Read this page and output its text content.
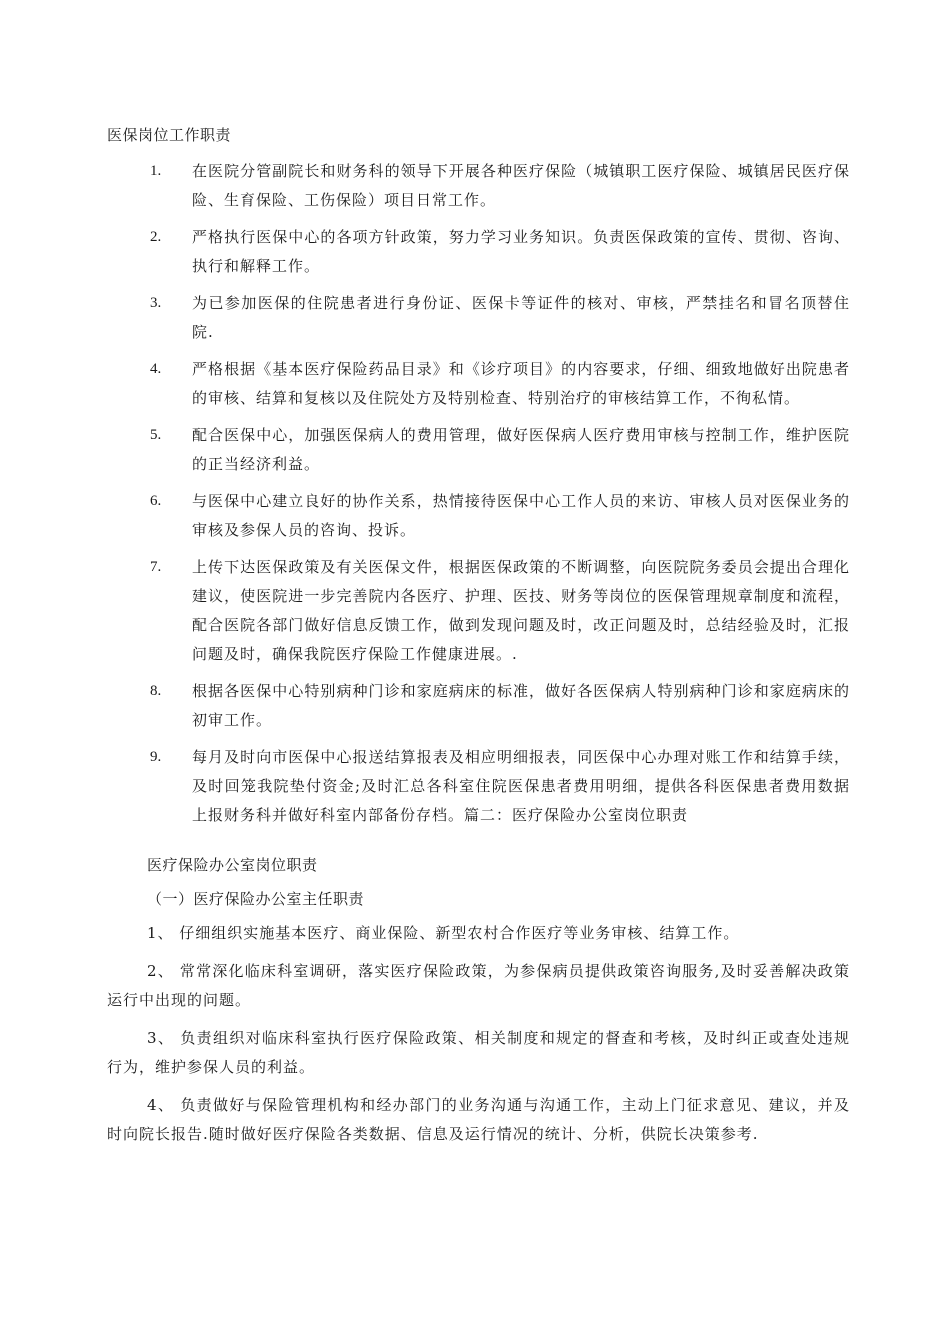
医保岗位工作职责
1.	在医院分管副院长和财务科的领导下开展各种医疗保险（城镇职工医疗保险、城镇居民医疗保险、生育保险、工伤保险）项目日常工作。
2.	严格执行医保中心的各项方针政策，努力学习业务知识。负责医保政策的宣传、贯彻、咨询、执行和解释工作。
3.	为已参加医保的住院患者进行身份证、医保卡等证件的核对、审核，严禁挂名和冒名顶替住院.
4.	严格根据《基本医疗保险药品目录》和《诊疗项目》的内容要求，仔细、细致地做好出院患者的审核、结算和复核以及住院处方及特别检查、特别治疗的审核结算工作，不徇私情。
5.	配合医保中心，加强医保病人的费用管理，做好医保病人医疗费用审核与控制工作，维护医院的正当经济利益。
6.	与医保中心建立良好的协作关系，热情接待医保中心工作人员的来访、审核人员对医保业务的审核及参保人员的咨询、投诉。
7.	上传下达医保政策及有关医保文件，根据医保政策的不断调整，向医院院务委员会提出合理化建议，使医院进一步完善院内各医疗、护理、医技、财务等岗位的医保管理规章制度和流程，配合医院各部门做好信息反馈工作，做到发现问题及时，改正问题及时，总结经验及时，汇报问题及时，确保我院医疗保险工作健康进展。.
8.	根据各医保中心特别病种门诊和家庭病床的标准，做好各医保病人特别病种门诊和家庭病床的初审工作。
9.	每月及时向市医保中心报送结算报表及相应明细报表，同医保中心办理对账工作和结算手续，及时回笼我院垫付资金;及时汇总各科室住院医保患者费用明细，提供各科医保患者费用数据上报财务科并做好科室内部备份存档。篇二：医疗保险办公室岗位职责
医疗保险办公室岗位职责
（一）医疗保险办公室主任职责
1、 仔细组织实施基本医疗、商业保险、新型农村合作医疗等业务审核、结算工作。
2、 常常深化临床科室调研，落实医疗保险政策，为参保病员提供政策咨询服务,及时妥善解决政策运行中出现的问题。
3、 负责组织对临床科室执行医疗保险政策、相关制度和规定的督查和考核，及时纠正或查处违规行为，维护参保人员的利益。
4、 负责做好与保险管理机构和经办部门的业务沟通与沟通工作，主动上门征求意见、建议，并及时向院长报告.随时做好医疗保险各类数据、信息及运行情况的统计、分析，供院长决策参考.
